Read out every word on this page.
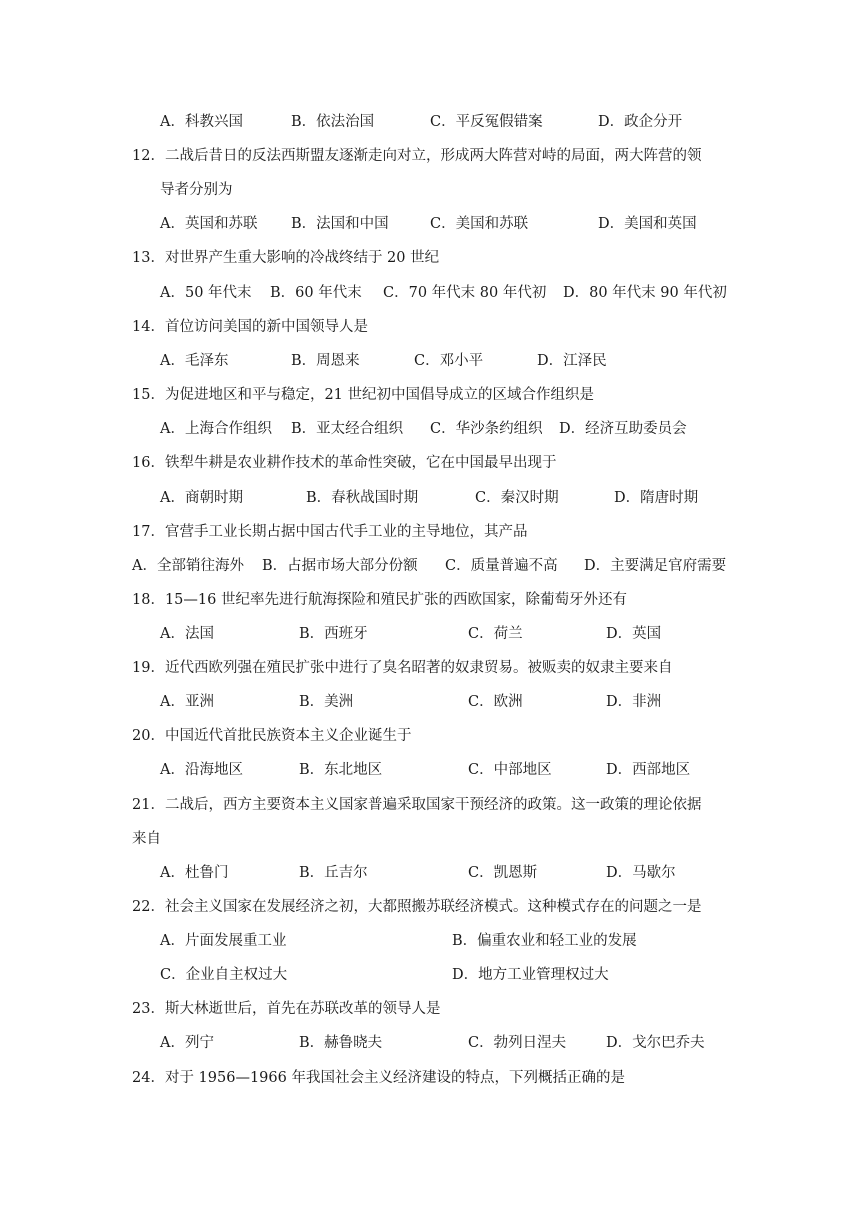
A．科教兴国	B．依法治国	C．平反冤假错案	D．政企分开
12．二战后昔日的反法西斯盟友逐渐走向对立，形成两大阵营对峙的局面，两大阵营的领
导者分别为
A．英国和苏联 B．法国和中国	C．美国和苏联	D．美国和英国
13．对世界产生重大影响的冷战终结于 20 世纪
A．50 年代末 B．60 年代末 C．70 年代末 80 年代初 D．80 年代末 90 年代初
14．首位访问美国的新中国领导人是
A．毛泽东	B．周恩来	C．邓小平	D．江泽民
15．为促进地区和平与稳定，21 世纪初中国倡导成立的区域合作组织是
A．上海合作组织 B．亚太经合组织 C．华沙条约组织 D．经济互助委员会
16．铁犁牛耕是农业耕作技术的革命性突破，它在中国最早出现于
A．商朝时期	B．春秋战国时期	C．秦汉时期	D．隋唐时期
17．官营手工业长期占据中国古代手工业的主导地位，其产品
A．全部销往海外 B．占据市场大部分份额 C．质量普遍不高 D．主要满足官府需要
18．15—16 世纪率先进行航海探险和殖民扩张的西欧国家，除葡萄牙外还有
A．法国	B．西班牙	C．荷兰	D．英国
19．近代西欧列强在殖民扩张中进行了臭名昭著的奴隶贸易。被贩卖的奴隶主要来自
A．亚洲	B．美洲	C．欧洲	D．非洲
20．中国近代首批民族资本主义企业诞生于
A．沿海地区	B．东北地区	C．中部地区	D．西部地区
21．二战后，西方主要资本主义国家普遍采取国家干预经济的政策。这一政策的理论依据
来自
A．杜鲁门	B．丘吉尔	C．凯恩斯	D．马歇尔
22．社会主义国家在发展经济之初，大都照搬苏联经济模式。这种模式存在的问题之一是
A．片面发展重工业	B．偏重农业和轻工业的发展
C．企业自主权过大	D．地方工业管理权过大
23．斯大林逝世后，首先在苏联改革的领导人是
A．列宁	B．赫鲁晓夫	C．勃列日涅夫	D．戈尔巴乔夫
24．对于 1956—1966 年我国社会主义经济建设的特点，下列概括正确的是
